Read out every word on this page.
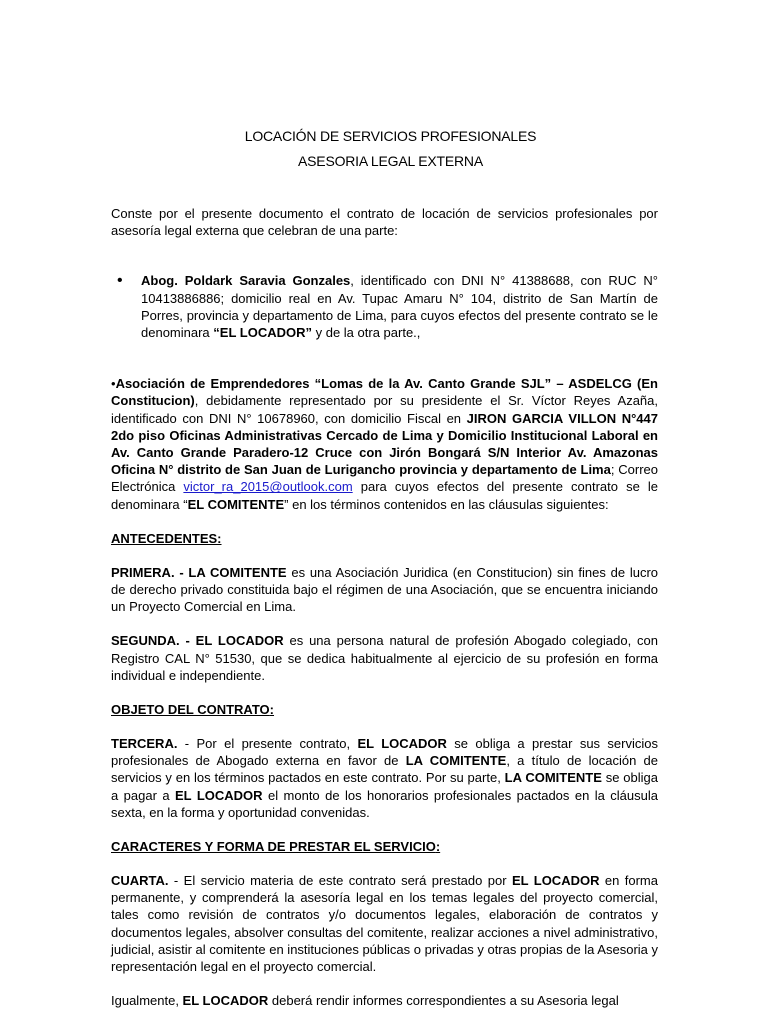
LOCACIÓN DE SERVICIOS PROFESIONALES
ASESORIA LEGAL EXTERNA

Conste por el presente documento el contrato de locación de servicios profesionales por asesoría legal externa que celebran de una parte:

•	Abog. Poldark Saravia Gonzales, identificado con DNI N° 41388688, con RUC N° 10413886886; domicilio real en Av. Tupac Amaru N° 104, distrito de San Martín de Porres, provincia y departamento de Lima, para cuyos efectos del presente contrato se le denominara “EL LOCADOR” y de la otra parte.,

•Asociación de Emprendedores “Lomas de la Av. Canto Grande SJL” – ASDELCG (En Constitucion), debidamente representado por su presidente el Sr. Víctor Reyes Azaña, identificado con DNI N° 10678960, con domicilio Fiscal en JIRON GARCIA VILLON N°447 2do piso Oficinas Administrativas Cercado de Lima y Domicilio Institucional Laboral en Av. Canto Grande Paradero-12 Cruce con Jirón Bongará S/N Interior Av. Amazonas Oficina N° distrito de San Juan de Lurigancho provincia y departamento de Lima; Correo Electrónica victor_ra_2015@outlook.com para cuyos efectos del presente contrato se le denominara “EL COMITENTE” en los términos contenidos en las cláusulas siguientes:

ANTECEDENTES:

PRIMERA. - LA COMITENTE es una Asociación Juridica (en Constitucion) sin fines de lucro de derecho privado constituida bajo el régimen de una Asociación, que se encuentra iniciando un Proyecto Comercial en Lima.

SEGUNDA. - EL LOCADOR es una persona natural de profesión Abogado colegiado, con Registro CAL N° 51530, que se dedica habitualmente al ejercicio de su profesión en forma individual e independiente.

OBJETO DEL CONTRATO:

TERCERA. - Por el presente contrato, EL LOCADOR se obliga a prestar sus servicios profesionales de Abogado externa en favor de LA COMITENTE, a título de locación de servicios y en los términos pactados en este contrato. Por su parte, LA COMITENTE se obliga a pagar a EL LOCADOR el monto de los honorarios profesionales pactados en la cláusula sexta, en la forma y oportunidad convenidas.

CARACTERES Y FORMA DE PRESTAR EL SERVICIO:

CUARTA. - El servicio materia de este contrato será prestado por EL LOCADOR en forma permanente, y comprenderá la asesoría legal en los temas legales del proyecto comercial, tales como revisión de contratos y/o documentos legales, elaboración de contratos y documentos legales, absolver consultas del comitente, realizar acciones a nivel administrativo, judicial, asistir al comitente en instituciones públicas o privadas y otras propias de la Asesoria y representación legal en el proyecto comercial.

Igualmente, EL LOCADOR deberá rendir informes correspondientes a su Asesoria legal
